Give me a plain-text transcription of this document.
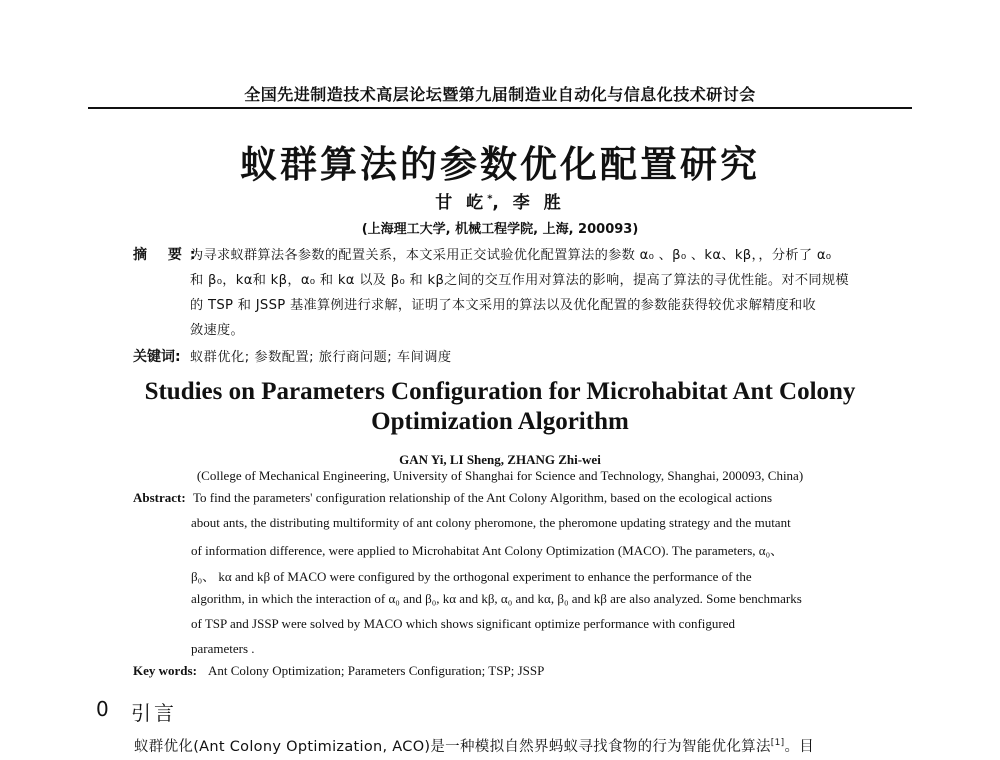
全国先进制造技术高层论坛暨第九届制造业自动化与信息化技术研讨会
蚁群算法的参数优化配置研究
甘 屹*, 李 胜
(上海理工大学, 机械工程学院, 上海, 200093)
摘 要:
为寻求蚁群算法各参数的配置关系，本文采用正交试验优化配置算法的参数 α₀ 、β₀ 、kα、kβ，，分析了 α₀
和 β₀，kα和 kβ，α₀ 和 kα 以及 β₀ 和 kβ之间的交互作用对算法的影响，提高了算法的寻优性能。对不同规模
的 TSP 和 JSSP 基准算例进行求解，证明了本文采用的算法以及优化配置的参数能获得较优求解精度和收
敛速度。
关键词: 蚁群优化; 参数配置; 旅行商问题; 车间调度
Studies on Parameters Configuration for Microhabitat Ant Colony
Optimization Algorithm
GAN Yi, LI Sheng, ZHANG Zhi-wei
(College of Mechanical Engineering, University of Shanghai for Science and Technology, Shanghai, 200093, China)
Abstract: To find the parameters' configuration relationship of the Ant Colony Algorithm, based on the ecological actions
about ants, the distributing multiformity of ant colony pheromone, the pheromone updating strategy and the mutant
of information difference, were applied to Microhabitat Ant Colony Optimization (MACO). The parameters, α₀、
β₀、 kα and kβ of MACO were configured by the orthogonal experiment to enhance the performance of the
algorithm, in which the interaction of α₀ and β₀, kα and kβ, α₀ and kα, β₀ and kβ are also analyzed. Some benchmarks
of TSP and JSSP were solved by MACO which shows significant optimize performance with configured
parameters .
Key words: Ant Colony Optimization; Parameters Configuration; TSP; JSSP
0 引言
蚁群优化(Ant Colony Optimization, ACO)是一种模拟自然界蚂蚁寻找食物的行为智能优化算法[1]。目
